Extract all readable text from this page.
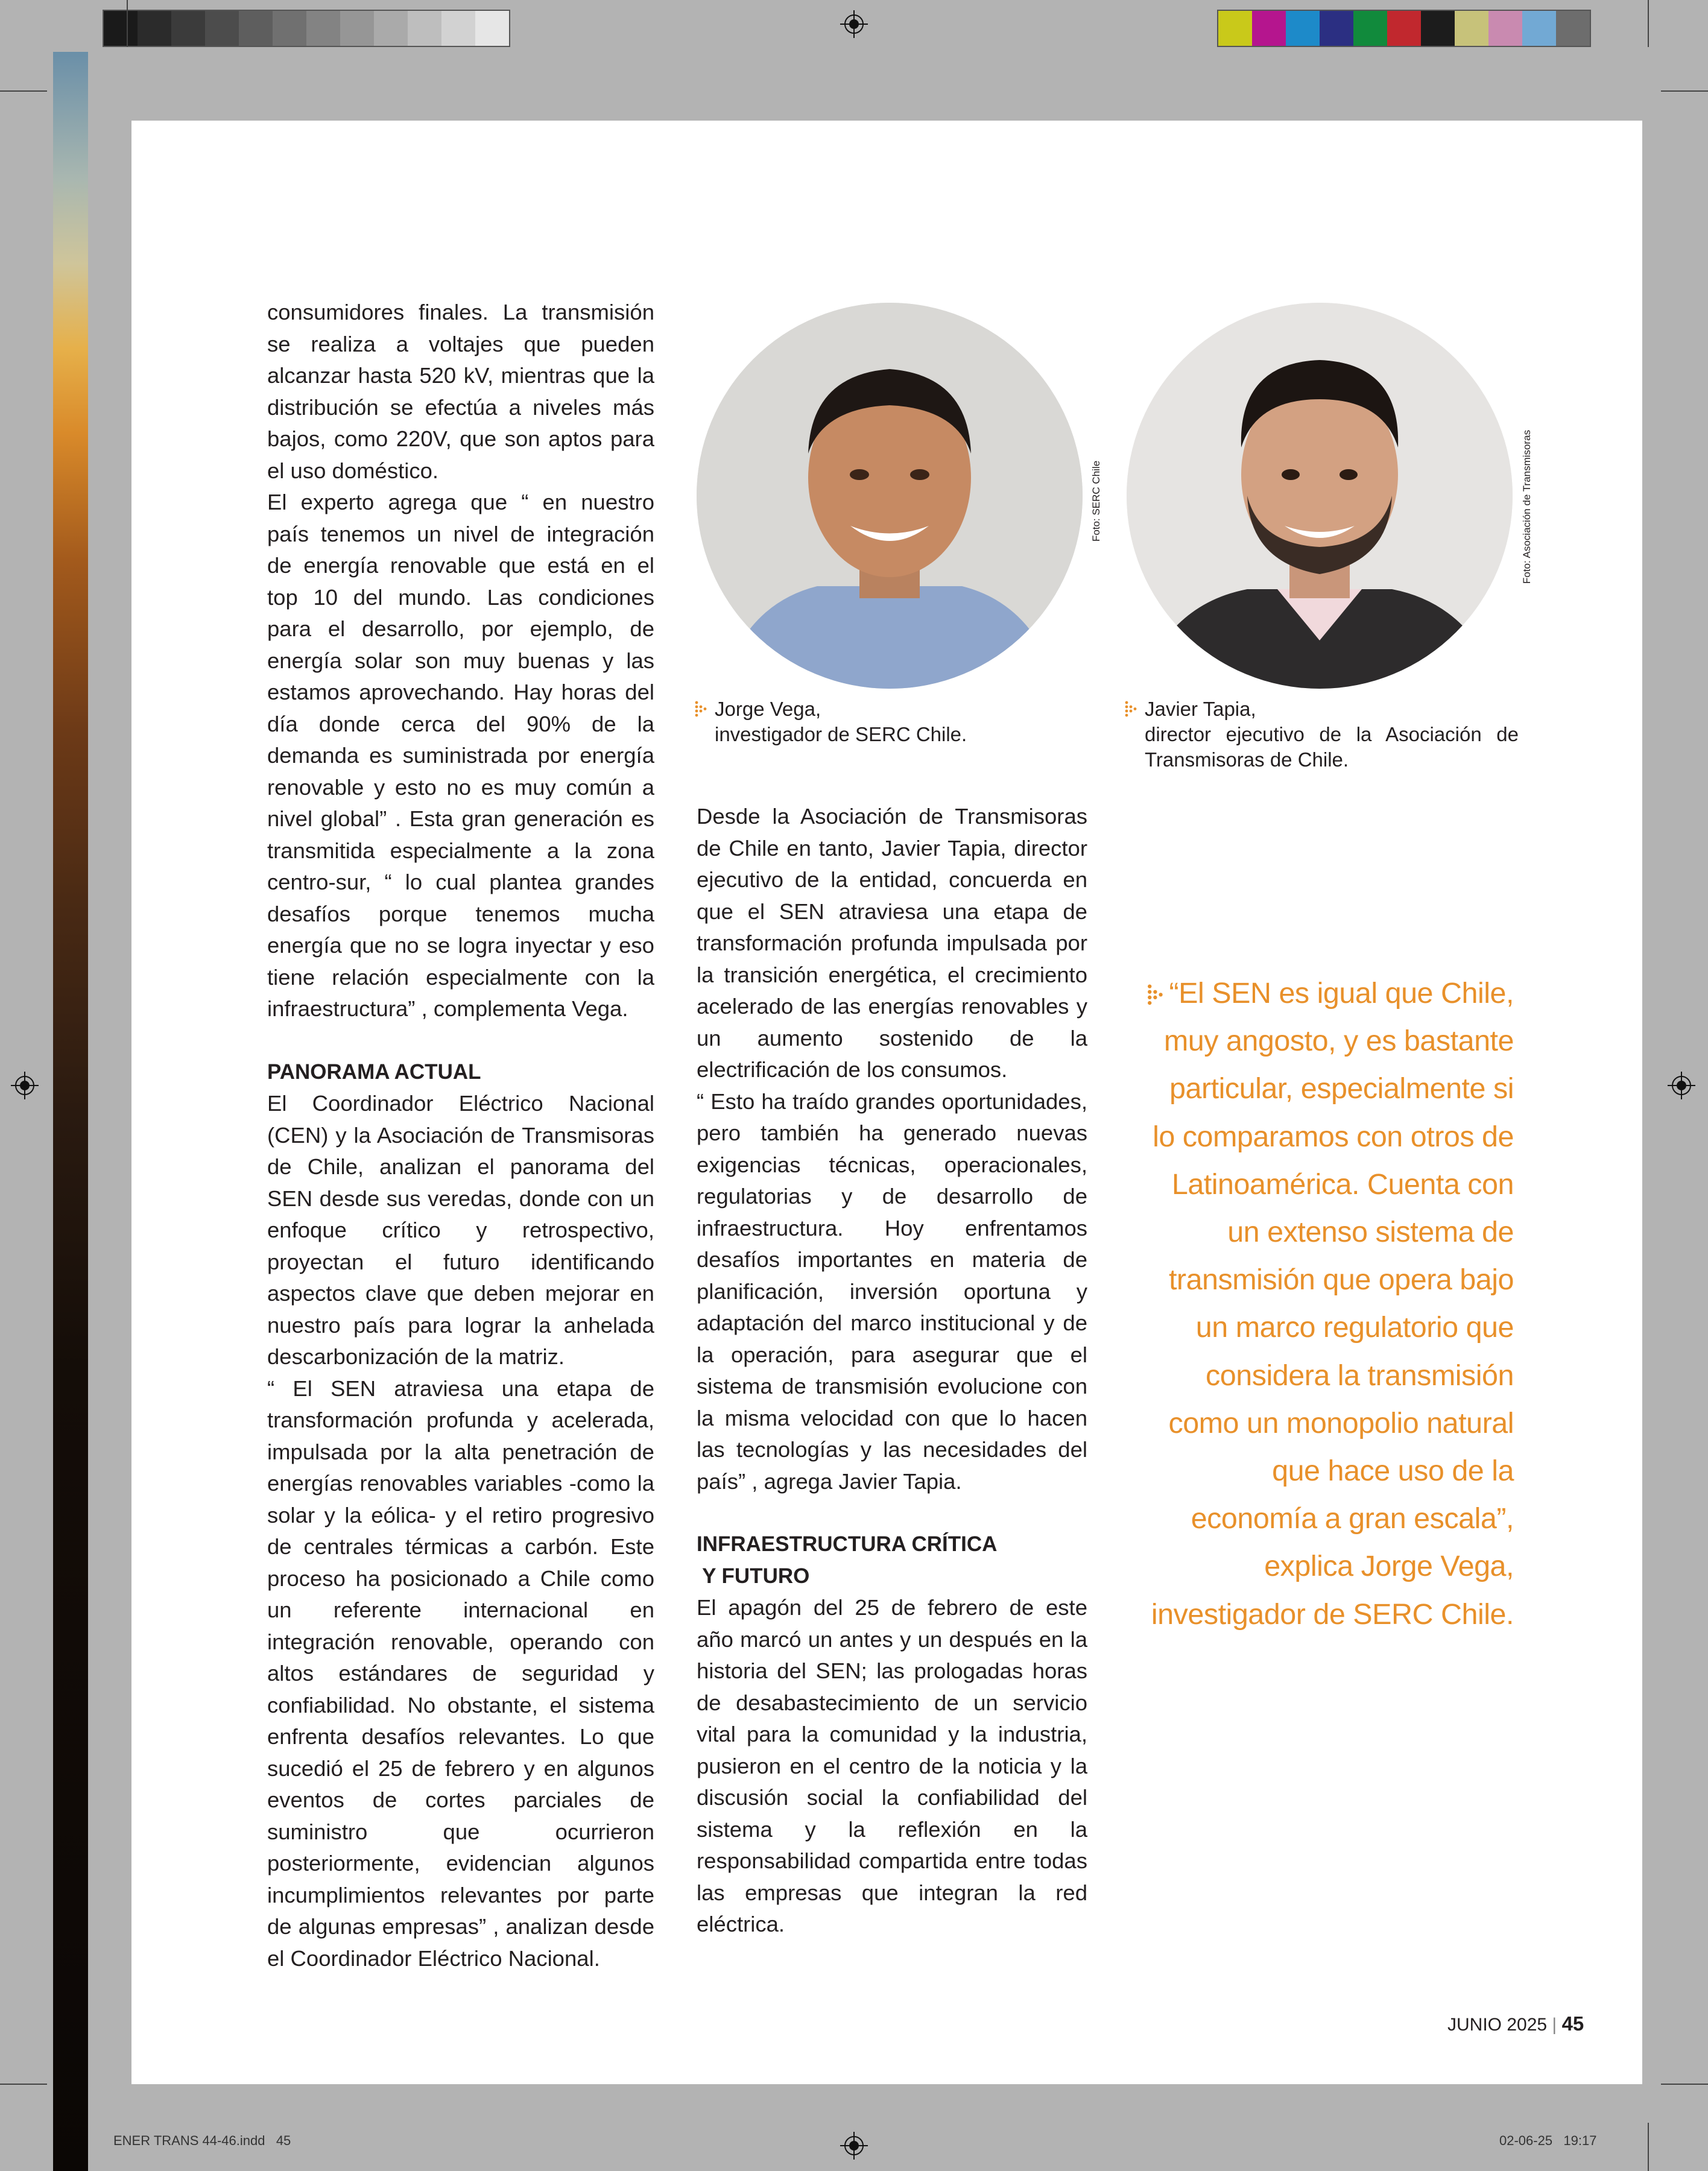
consumidores finales. La transmisión se realiza a voltajes que pueden alcanzar hasta 520 kV, mientras que la distribución se efectúa a niveles más bajos, como 220V, que son aptos para el uso doméstico.

El experto agrega que “ en nuestro país tenemos un nivel de integración de energía renovable que está en el top 10 del mundo. Las condiciones para el desarrollo, por ejemplo, de energía solar son muy buenas y las estamos aprovechando. Hay horas del día donde cerca del 90% de la demanda es suministrada por energía renovable y esto no es muy común a nivel global” . Esta gran generación es transmitida especialmente a la zona centro-sur, “ lo cual plantea grandes desafíos porque tenemos mucha energía que no se logra inyectar y eso tiene relación especialmente con la infraestructura” , complementa Vega.

PANORAMA ACTUAL

El Coordinador Eléctrico Nacional (CEN) y la Asociación de Transmisoras de Chile, analizan el panorama del SEN desde sus veredas, donde con un enfoque crítico y retrospectivo, proyectan el futuro identificando aspectos clave que deben mejorar en nuestro país para lograr la anhelada descarbonización de la matriz.

“ El SEN atraviesa una etapa de transformación profunda y acelerada, impulsada por la alta penetración de energías renovables variables -como la solar y la eólica- y el retiro progresivo de centrales térmicas a carbón. Este proceso ha posicionado a Chile como un referente internacional en integración renovable, operando con altos estándares de seguridad y confiabilidad. No obstante, el sistema enfrenta desafíos relevantes. Lo que sucedió el 25 de febrero y en algunos eventos de cortes parciales de suministro que ocurrieron posteriormente, evidencian algunos incumplimientos relevantes por parte de algunas empresas” , analizan desde el Coordinador Eléctrico Nacional.

Foto: SERC Chile	Foto: Asociación de Transmisoras
Jorge Vega,
investigador de SERC Chile.
Javier Tapia,
director ejecutivo de la Asociación de Transmisoras de Chile.

Desde la Asociación de Transmisoras de Chile en tanto, Javier Tapia, director ejecutivo de la entidad, concuerda en que el SEN atraviesa una etapa de transformación profunda impulsada por la transición energética, el crecimiento acelerado de las energías renovables y un aumento sostenido de la electrificación de los consumos.

“ Esto ha traído grandes oportunidades, pero también ha generado nuevas exigencias técnicas, operacionales, regulatorias y de desarrollo de infraestructura. Hoy enfrentamos desafíos importantes en materia de planificación, inversión oportuna y adaptación del marco institucional y de la operación, para asegurar que el sistema de transmisión evolucione con la misma velocidad con que lo hacen las tecnologías y las necesidades del país” , agrega Javier Tapia.

INFRAESTRUCTURA CRÍTICA
Y FUTURO

El apagón del 25 de febrero de este año marcó un antes y un después en la historia del SEN; las prologadas horas de desabastecimiento de un servicio vital para la comunidad y la industria, pusieron en el centro de la noticia y la discusión social la confiabilidad del sistema y la reflexión en la responsabilidad compartida entre todas las empresas que integran la red eléctrica.

“El SEN es igual que Chile, muy angosto, y es bastante particular, especialmente si lo comparamos con otros de Latinoamérica. Cuenta con un extenso sistema de transmisión que opera bajo un marco regulatorio que considera la transmisión como un monopolio natural que hace uso de la economía a gran escala”, explica Jorge Vega, investigador de SERC Chile.
JUNIO 2025 | 45
ENER TRANS 44-46.indd   45	02-06-25   19:17
